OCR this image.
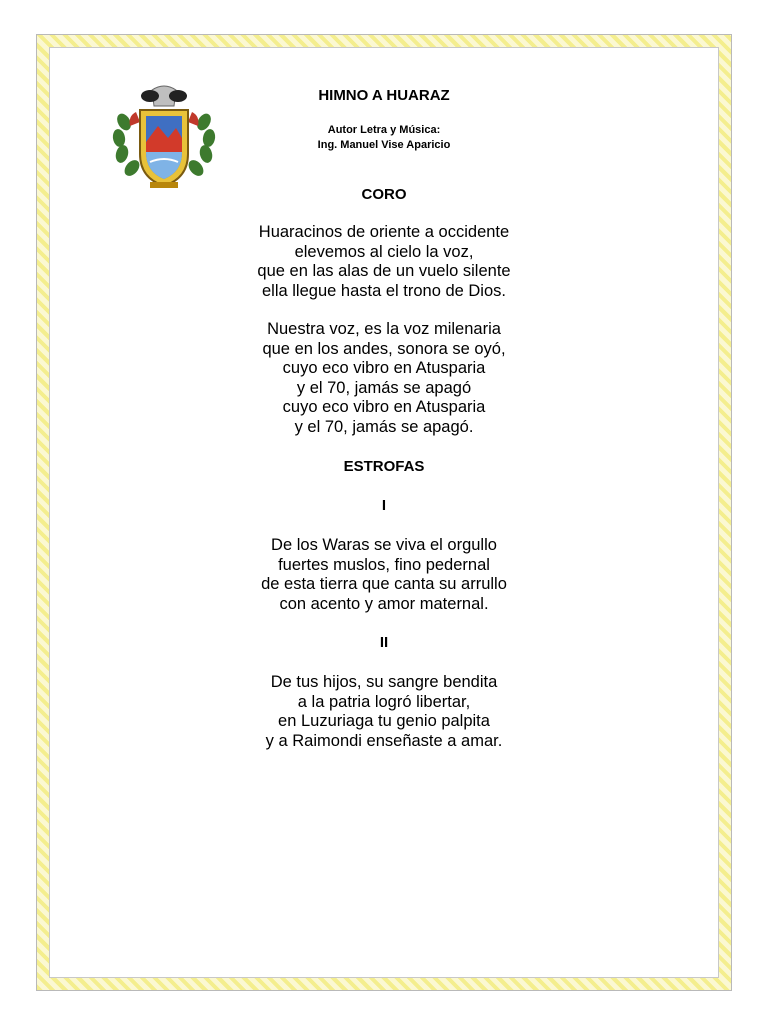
HIMNO A HUARAZ
Autor Letra y Música:
Ing. Manuel Vise Aparicio
CORO
Huaracinos de oriente a occidente
elevemos al cielo la voz,
que en las alas de un vuelo silente
ella llegue hasta el trono de Dios.
Nuestra voz, es la voz milenaria
que en los andes, sonora se oyó,
cuyo eco vibro en Atusparia
y el 70, jamás se apagó
cuyo eco vibro en Atusparia
y el 70, jamás se apagó.
ESTROFAS
I
De los Waras se viva el orgullo
fuertes muslos, fino pedernal
de esta tierra que canta su arrullo
con acento y amor maternal.
II
De tus hijos, su sangre bendita
a la patria logró libertar,
en Luzuriaga tu genio palpita
y a Raimondi enseñaste a amar.
